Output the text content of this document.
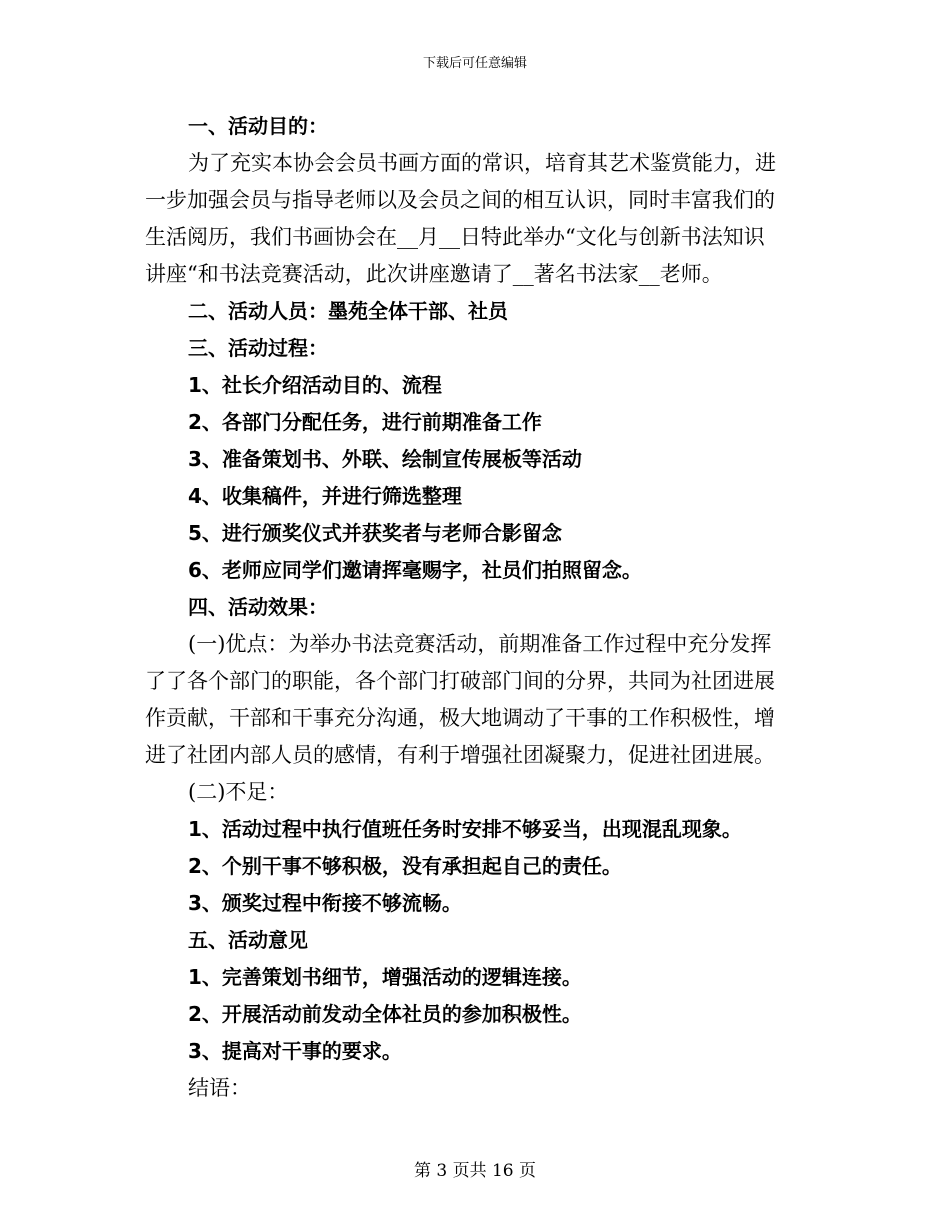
下载后可任意编辑
一、活动目的：
为了充实本协会会员书画方面的常识，培育其艺术鉴赏能力，进
一步加强会员与指导老师以及会员之间的相互认识，同时丰富我们的
生活阅历，我们书画协会在__月__日特此举办“文化与创新书法知识
讲座“和书法竞赛活动，此次讲座邀请了__著名书法家__老师。
二、活动人员：墨苑全体干部、社员
三、活动过程：
1、社长介绍活动目的、流程
2、各部门分配任务，进行前期准备工作
3、准备策划书、外联、绘制宣传展板等活动
4、收集稿件，并进行筛选整理
5、进行颁奖仪式并获奖者与老师合影留念
6、老师应同学们邀请挥毫赐字，社员们拍照留念。
四、活动效果：
(一)优点：为举办书法竞赛活动，前期准备工作过程中充分发挥
了了各个部门的职能，各个部门打破部门间的分界，共同为社团进展
作贡献，干部和干事充分沟通，极大地调动了干事的工作积极性，增
进了社团内部人员的感情，有利于增强社团凝聚力，促进社团进展。
(二)不足：
1、活动过程中执行值班任务时安排不够妥当，出现混乱现象。
2、个别干事不够积极，没有承担起自己的责任。
3、颁奖过程中衔接不够流畅。
五、活动意见
1、完善策划书细节，增强活动的逻辑连接。
2、开展活动前发动全体社员的参加积极性。
3、提高对干事的要求。
结语：
第 3 页共 16 页
